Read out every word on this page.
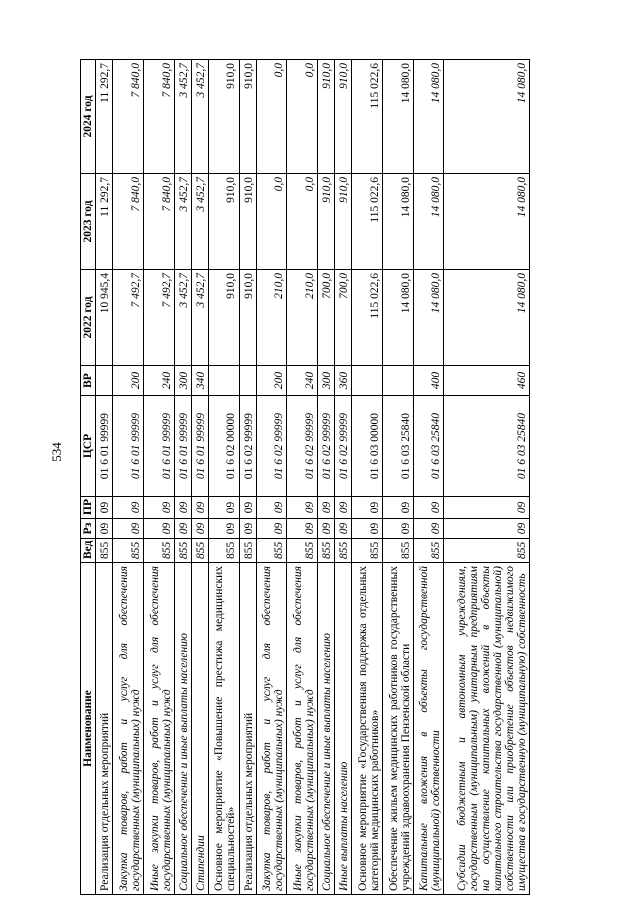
534
Наименование	Вед	Рз	ПР	ЦСР	ВР	2022 год	2023 год	2024 год
Реализация отдельных мероприятий	855	09	09	01 6 01 99999		10 945,4	11 292,7	11 292,7
Закупка товаров, работ и услуг для обеспечения государственных (муниципальных) нужд	855	09	09	01 6 01 99999	200	7 492,7	7 840,0	7 840,0
Иные закупки товаров, работ и услуг для обеспечения государственных (муниципальных) нужд	855	09	09	01 6 01 99999	240	7 492,7	7 840,0	7 840,0
Социальное обеспечение и иные выплаты населению	855	09	09	01 6 01 99999	300	3 452,7	3 452,7	3 452,7
Стипендии	855	09	09	01 6 01 99999	340	3 452,7	3 452,7	3 452,7
Основное мероприятие «Повышение престижа медицинских специальностей»	855	09	09	01 6 02 00000		910,0	910,0	910,0
Реализация отдельных мероприятий	855	09	09	01 6 02 99999		910,0	910,0	910,0
Закупка товаров, работ и услуг для обеспечения государственных (муниципальных) нужд	855	09	09	01 6 02 99999	200	210,0	0,0	0,0
Иные закупки товаров, работ и услуг для обеспечения государственных (муниципальных) нужд	855	09	09	01 6 02 99999	240	210,0	0,0	0,0
Социальное обеспечение и иные выплаты населению	855	09	09	01 6 02 99999	300	700,0	910,0	910,0
Иные выплаты населению	855	09	09	01 6 02 99999	360	700,0	910,0	910,0
Основное мероприятие «Государственная поддержка отдельных категорий медицинских работников»	855	09	09	01 6 03 00000		115 022,6	115 022,6	115 022,6
Обеспечение жильем медицинских работников государственных учреждений здравоохранения Пензенской области	855	09	09	01 6 03 25840		14 080,0	14 080,0	14 080,0
Капитальные вложения в объекты государственной (муниципальной) собственности	855	09	09	01 6 03 25840	400	14 080,0	14 080,0	14 080,0
Субсидии бюджетным и автономным учреждениям, государственным (муниципальным) унитарным предприятиям на осуществление капитальных вложений в объекты капитального строительства государственной (муниципальной) собственности или приобретение объектов недвижимого имущества в государственную (муниципальную) собственность	855	09	09	01 6 03 25840	460	14 080,0	14 080,0	14 080,0
